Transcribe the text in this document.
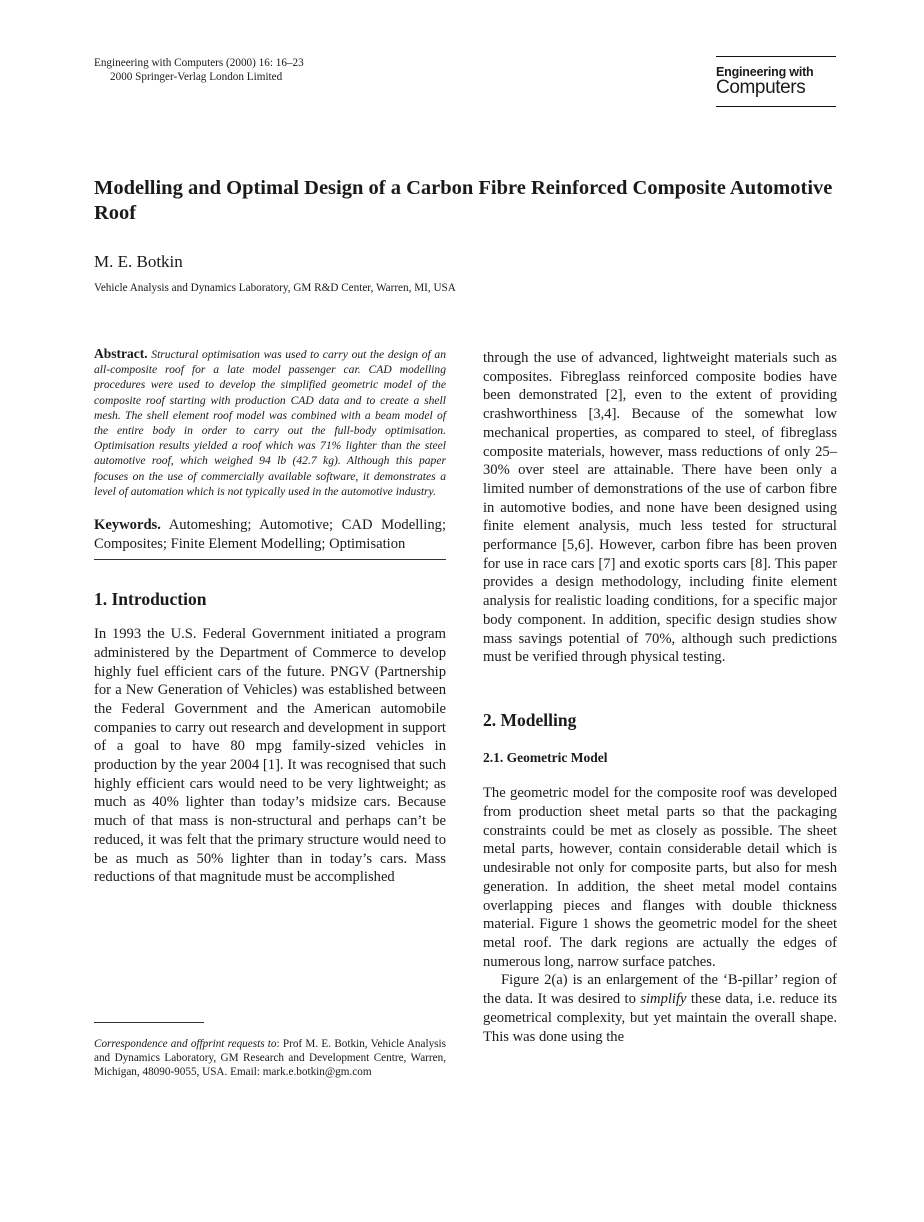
Engineering with Computers (2000) 16: 16–23
2000 Springer-Verlag London Limited	Engineering with
Computers
Modelling and Optimal Design of a Carbon Fibre Reinforced Composite Automotive Roof
M. E. Botkin
Vehicle Analysis and Dynamics Laboratory, GM R&D Center, Warren, MI, USA

Abstract. Structural optimisation was used to carry out the design of an all-composite roof for a late model passenger car. CAD modelling procedures were used to develop the simplified geometric model of the composite roof starting with production CAD data and to create a shell mesh. The shell element roof model was combined with a beam model of the entire body in order to carry out the full-body optimisation. Optimisation results yielded a roof which was 71% lighter than the steel automotive roof, which weighed 94 lb (42.7 kg). Although this paper focuses on the use of commercially available software, it demonstrates a level of automation which is not typically used in the automotive industry.

Keywords. Automeshing; Automotive; CAD Modelling; Composites; Finite Element Modelling; Optimisation

1. Introduction

In 1993 the U.S. Federal Government initiated a program administered by the Department of Commerce to develop highly fuel efficient cars of the future. PNGV (Partnership for a New Generation of Vehicles) was established between the Federal Government and the American automobile companies to carry out research and development in support of a goal to have 80 mpg family-sized vehicles in production by the year 2004 [1]. It was recognised that such highly efficient cars would need to be very lightweight; as much as 40% lighter than today’s midsize cars. Because much of that mass is non-structural and perhaps can’t be reduced, it was felt that the primary structure would need to be as much as 50% lighter than in today’s cars. Mass reductions of that magnitude must be accomplished

Correspondence and offprint requests to: Prof M. E. Botkin, Vehicle Analysis and Dynamics Laboratory, GM Research and Development Centre, Warren, Michigan, 48090-9055, USA. Email: mark.e.botkin@gm.com

through the use of advanced, lightweight materials such as composites. Fibreglass reinforced composite bodies have been demonstrated [2], even to the extent of providing crashworthiness [3,4]. Because of the somewhat low mechanical properties, as compared to steel, of fibreglass composite materials, however, mass reductions of only 25–30% over steel are attainable. There have been only a limited number of demonstrations of the use of carbon fibre in automotive bodies, and none have been designed using finite element analysis, much less tested for structural performance [5,6]. However, carbon fibre has been proven for use in race cars [7] and exotic sports cars [8]. This paper provides a design methodology, including finite element analysis for realistic loading conditions, for a specific major body component. In addition, specific design studies show mass savings potential of 70%, although such predictions must be verified through physical testing.

2. Modelling
2.1. Geometric Model

The geometric model for the composite roof was developed from production sheet metal parts so that the packaging constraints could be met as closely as possible. The sheet metal parts, however, contain considerable detail which is undesirable not only for composite parts, but also for mesh generation. In addition, the sheet metal model contains overlapping pieces and flanges with double thickness material. Figure 1 shows the geometric model for the sheet metal roof. The dark regions are actually the edges of numerous long, narrow surface patches.

Figure 2(a) is an enlargement of the ‘B-pillar’ region of the data. It was desired to simplify these data, i.e. reduce its geometrical complexity, but yet maintain the overall shape. This was done using the
